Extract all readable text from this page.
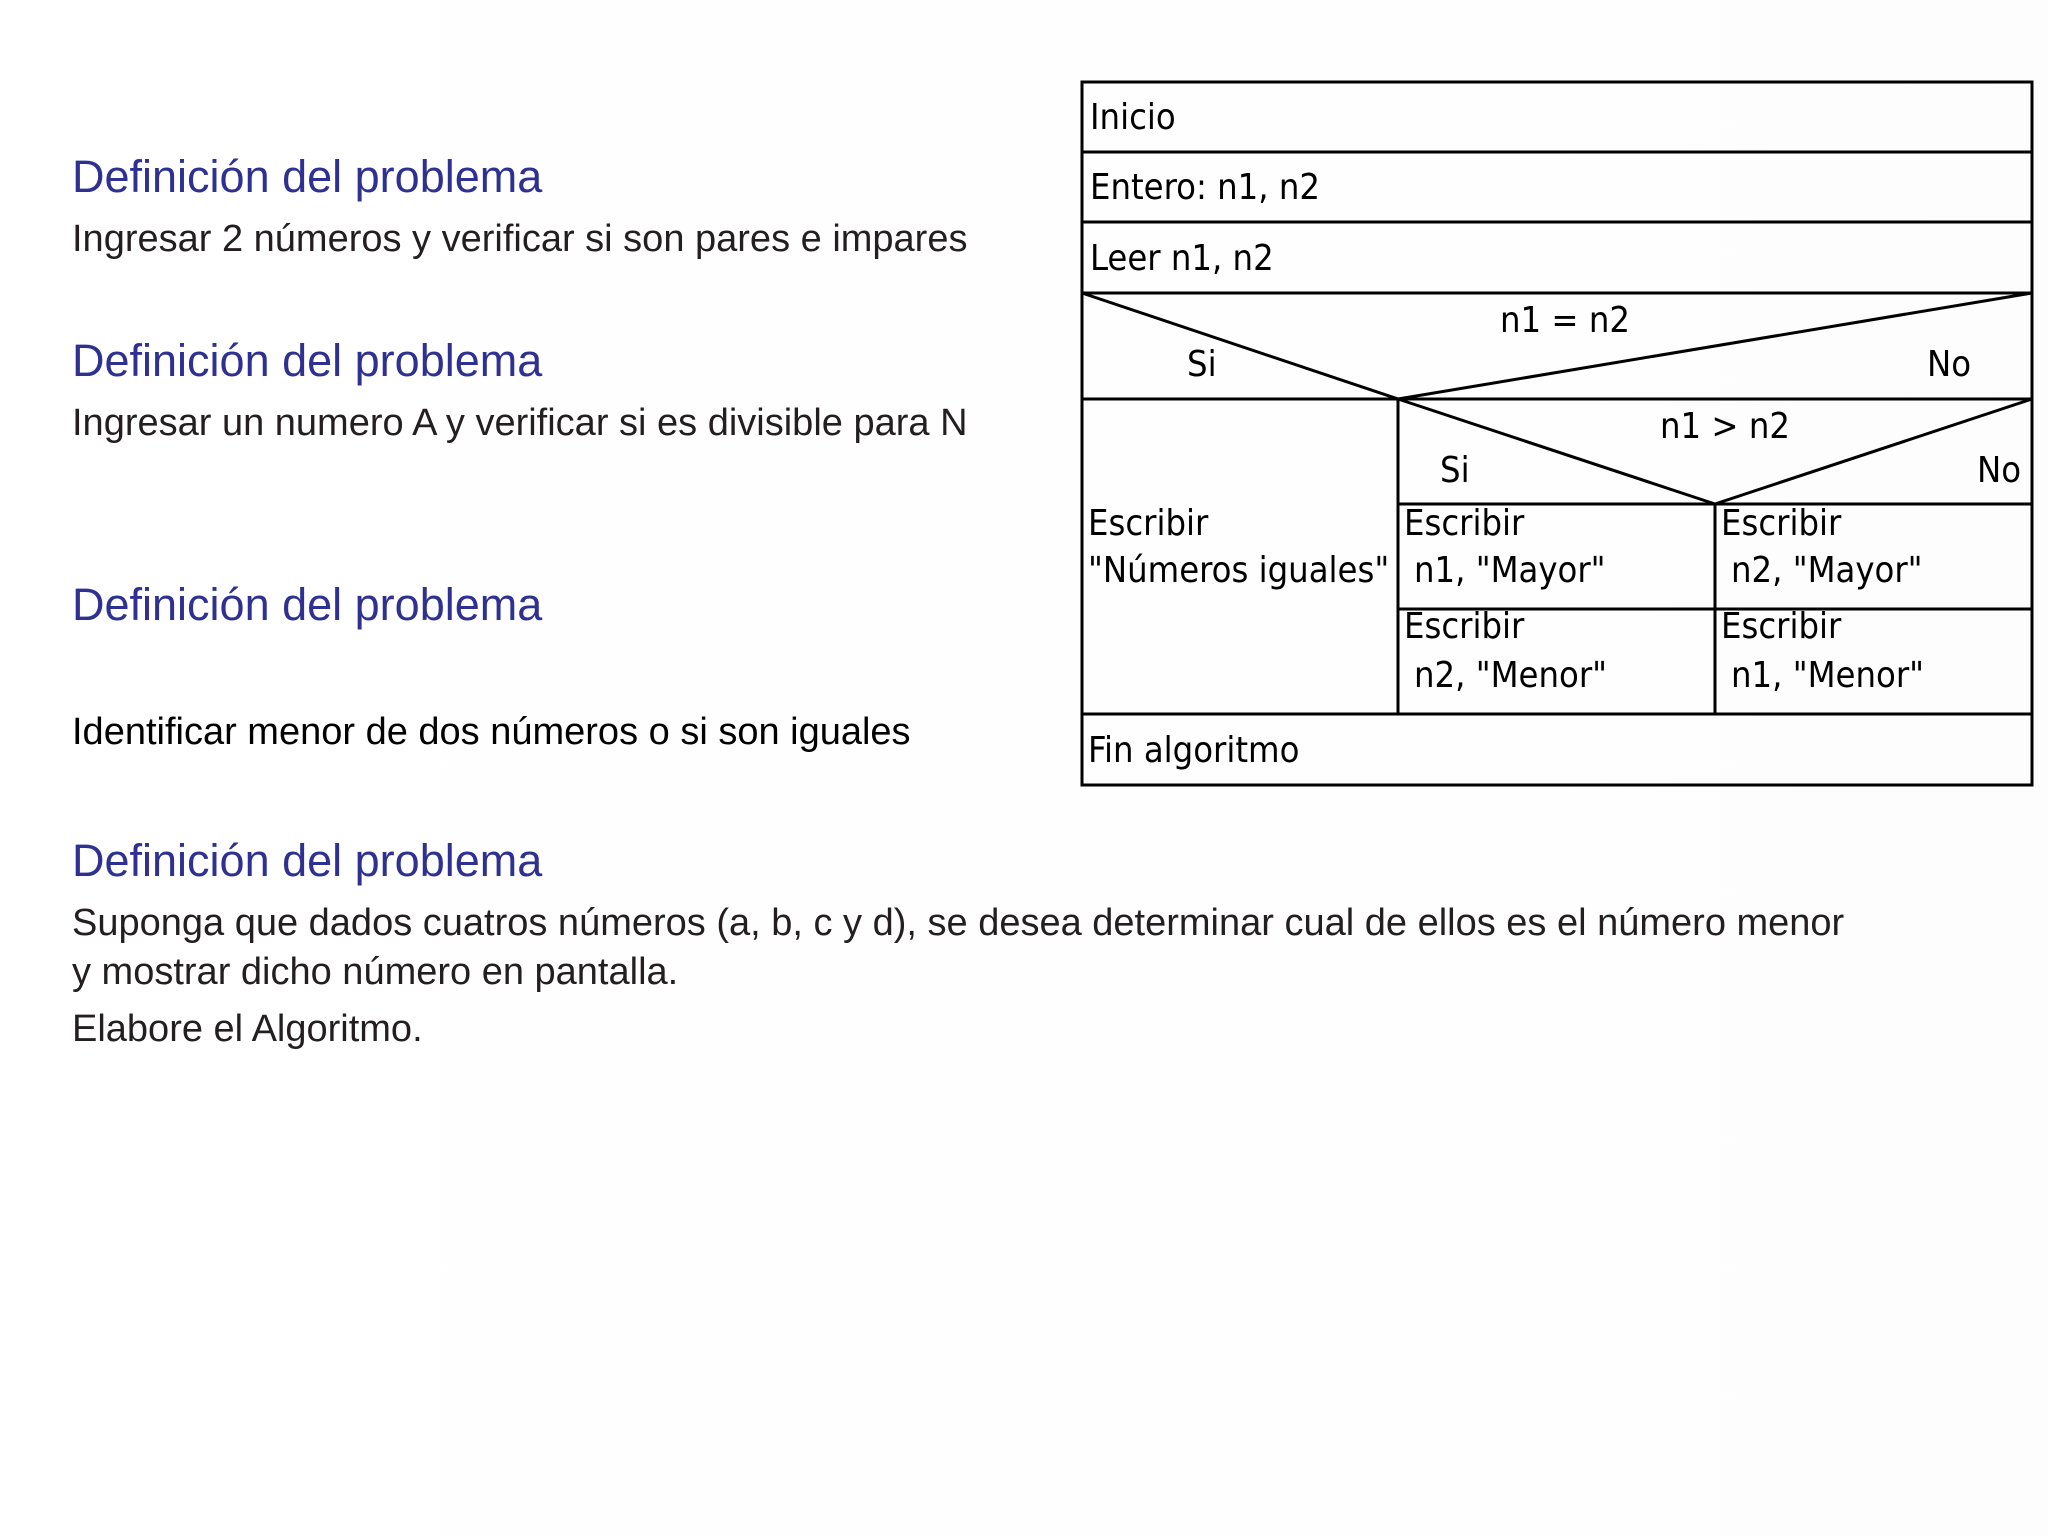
Definición del problema
Ingresar 2 números y verificar si son pares e impares
Definición del problema
Ingresar un numero A y verificar si es divisible para N
Definición del problema
Identificar menor de dos números o si son iguales
Definición del problema
Suponga que dados cuatros números (a, b, c y d), se desea determinar cual de ellos es el número menor
y mostrar dicho número en pantalla.
Elabore el Algoritmo.
Inicio
Entero: n1, n2
Leer n1, n2
n1 = n2
Si	No
Escribir
"Números iguales"
n1 > n2
Si	No
Escribir
n1, "Mayor"
Escribir
n2, "Mayor"
Escribir
n2, "Menor"
Escribir
n1, "Menor"
Fin algoritmo
